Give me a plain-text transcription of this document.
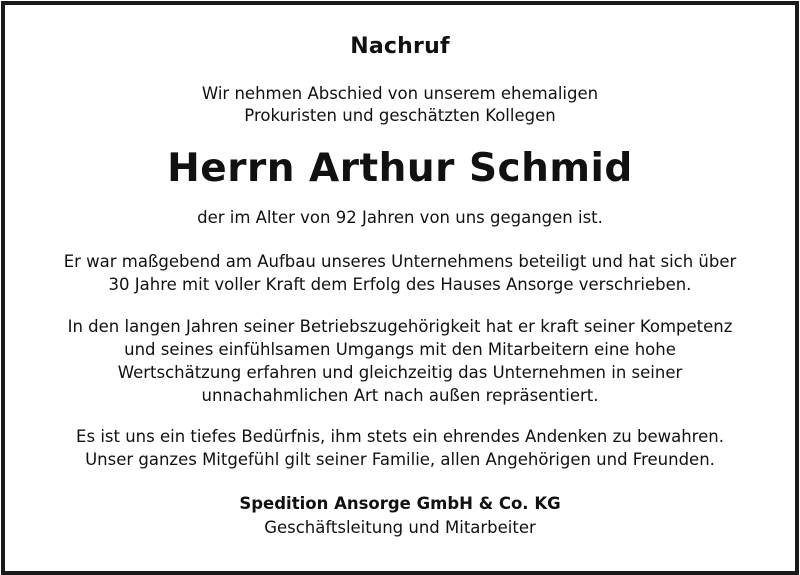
Nachruf
Wir nehmen Abschied von unserem ehemaligen
Prokuristen und geschätzten Kollegen
Herrn Arthur Schmid
der im Alter von 92 Jahren von uns gegangen ist.
Er war maßgebend am Aufbau unseres Unternehmens beteiligt und hat sich über
30 Jahre mit voller Kraft dem Erfolg des Hauses Ansorge verschrieben.
In den langen Jahren seiner Betriebszugehörigkeit hat er kraft seiner Kompetenz
und seines einfühlsamen Umgangs mit den Mitarbeitern eine hohe
Wertschätzung erfahren und gleichzeitig das Unternehmen in seiner
unnachahmlichen Art nach außen repräsentiert.
Es ist uns ein tiefes Bedürfnis, ihm stets ein ehrendes Andenken zu bewahren.
Unser ganzes Mitgefühl gilt seiner Familie, allen Angehörigen und Freunden.
Spedition Ansorge GmbH & Co. KG
Geschäftsleitung und Mitarbeiter
